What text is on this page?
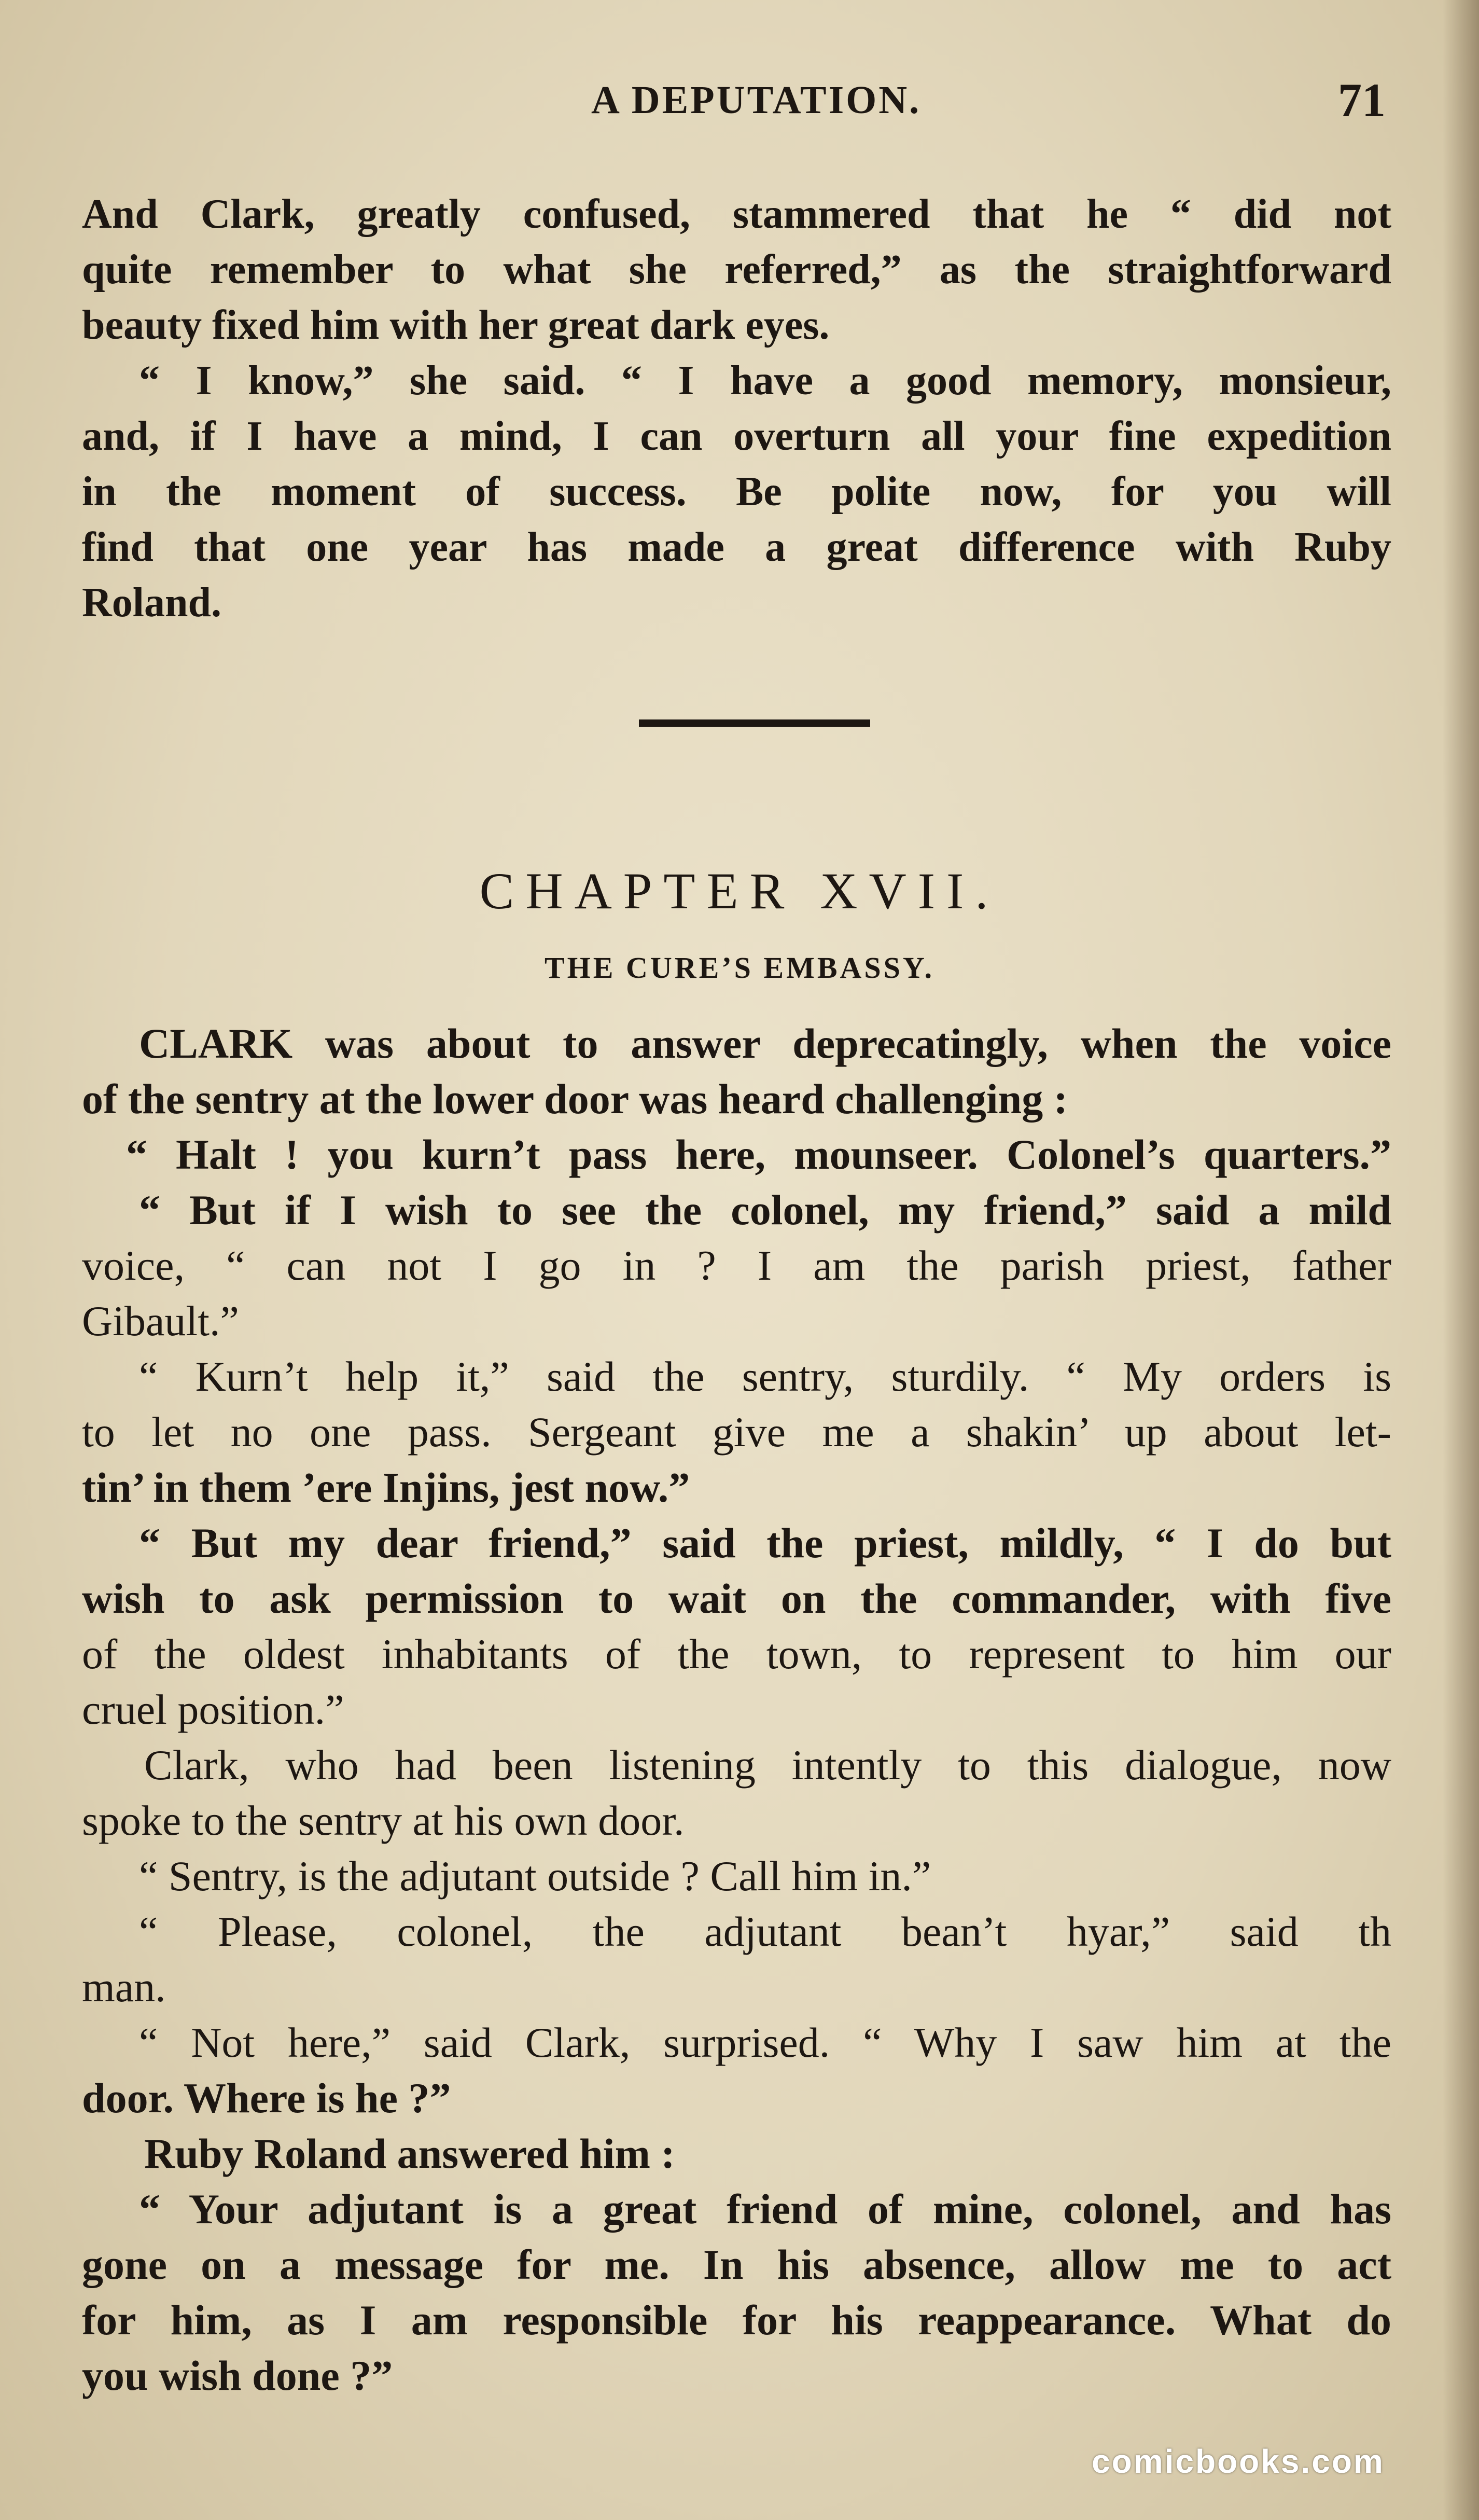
A DEPUTATION.	71
And Clark, greatly confused, stammered that he “ did not
quite remember to what she referred,” as the straightforward
beauty fixed him with her great dark eyes.
“ I know,” she said. “ I have a good memory, monsieur,
and, if I have a mind, I can overturn all your fine expedition
in the moment of success. Be polite now, for you will
find that one year has made a great difference with Ruby
Roland.
CHAPTER XVII.
THE CURE’S EMBASSY.
CLARK was about to answer deprecatingly, when the voice
of the sentry at the lower door was heard challenging :
“ Halt ! you kurn’t pass here, mounseer. Colonel’s quarters.”
“ But if I wish to see the colonel, my friend,” said a mild
voice, “ can not I go in ? I am the parish priest, father
Gibault.”
“ Kurn’t help it,” said the sentry, sturdily. “ My orders is
to let no one pass. Sergeant give me a shakin’ up about let-
tin’ in them ’ere Injins, jest now.”
“ But my dear friend,” said the priest, mildly, “ I do but
wish to ask permission to wait on the commander, with five
of the oldest inhabitants of the town, to represent to him our
cruel position.”
Clark, who had been listening intently to this dialogue, now
spoke to the sentry at his own door.
“ Sentry, is the adjutant outside ? Call him in.”
“ Please, colonel, the adjutant bean’t hyar,” said th
man.
“ Not here,” said Clark, surprised. “ Why I saw him at the
door. Where is he ?”
Ruby Roland answered him :
“ Your adjutant is a great friend of mine, colonel, and has
gone on a message for me. In his absence, allow me to act
for him, as I am responsible for his reappearance. What do
you wish done ?”
comicbooks.com
